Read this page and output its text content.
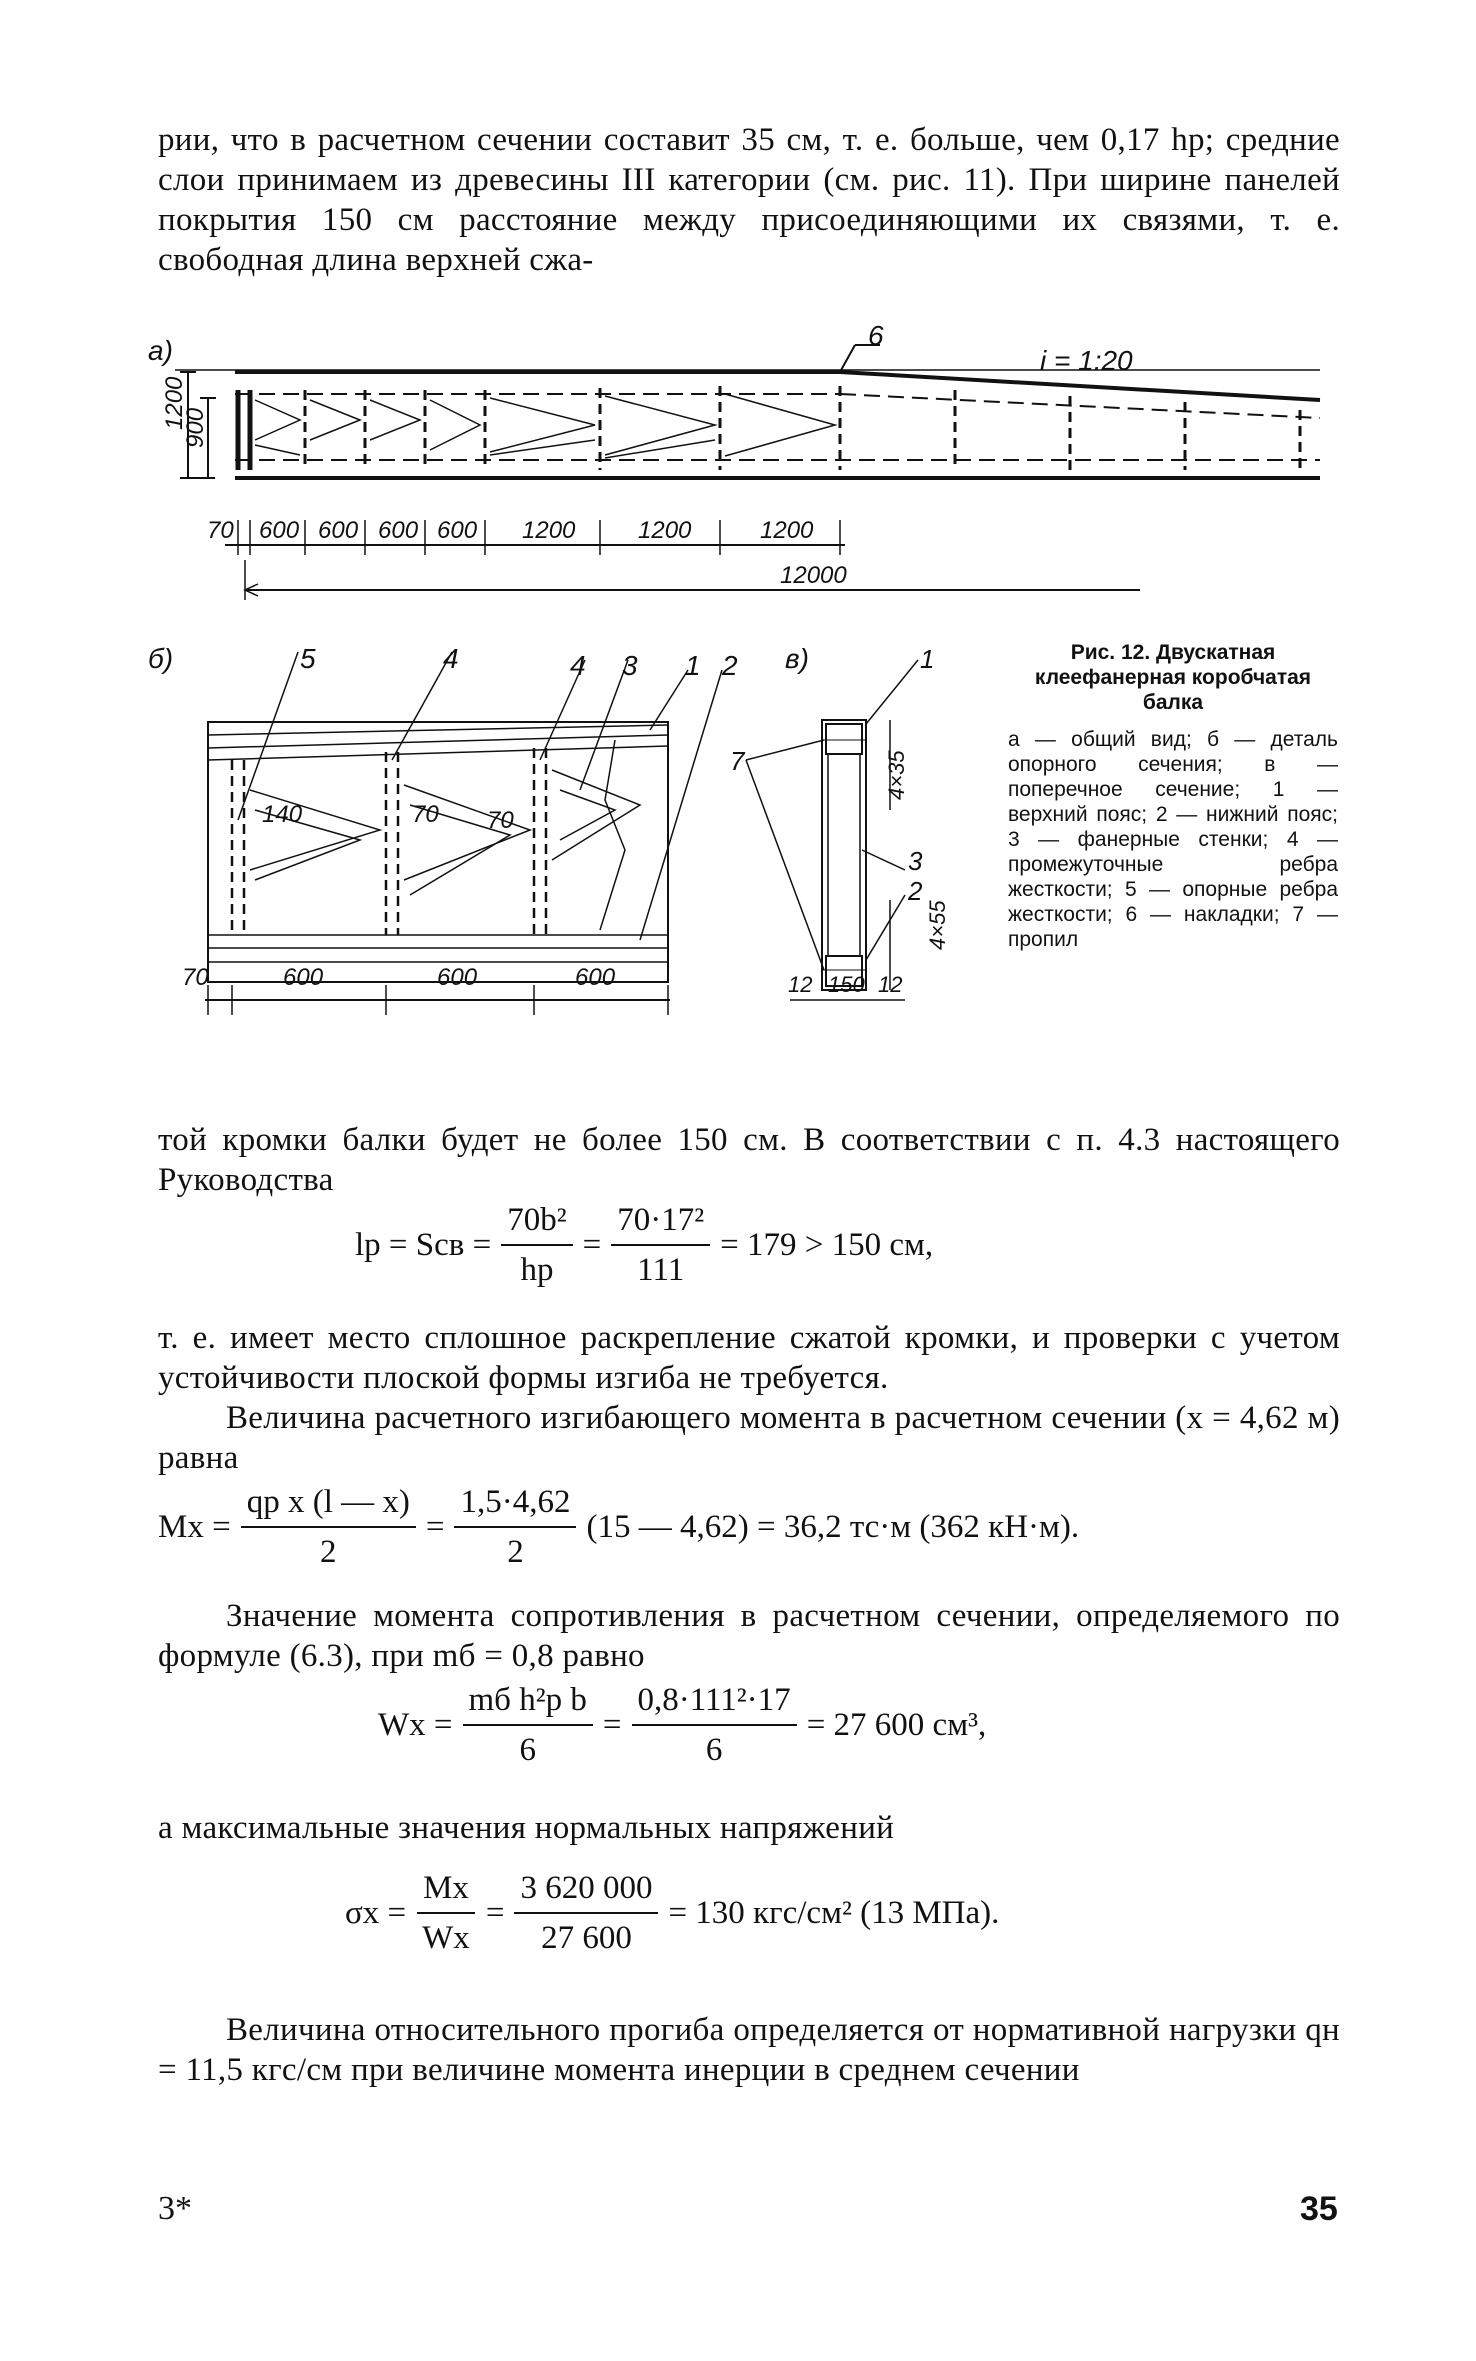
рии, что в расчетном сечении составит 35 см, т. е. больше, чем 0,17 hр; средние слои принимаем из древесины III категории (см. рис. 11). При ширине панелей покрытия 150 см расстояние между присоединяющими их связями, т. е. свободная длина верхней сжа-
а)
1200
900
i = 1:20
6
70 600 600 600 600 1200	1200	1200
12000
б)	5	4	4 3 1 2
140	70 70
70	600	600	600
в)	1
7
3
2
4×35
4×55
12 150 12
Рис. 12. Двускатная клеефанерная коробчатая балка
а — общий вид; б — деталь опорного сечения; в — поперечное сечение; 1 — верхний пояс; 2 — нижний пояс; 3 — фанерные стенки; 4 — промежуточные ребра жесткости; 5 — опорные ребра жесткости; 6 — накладки; 7 — пропил
той кромки балки будет не более 150 см. В соответствии с п. 4.3 настоящего Руководства
lр = Sсв = $\frac{\text{70b²}}{hр} = \frac{\text{70·17²}}{111} = 179 > 150$ см,
т. е. имеет место сплошное раскрепление сжатой кромки, и проверки с учетом устойчивости плоской формы изгиба не требуется.
Величина расчетного изгибающего момента в расчетном сечении (x = 4,62 м) равна
$Mx = \frac{\text{qр x (l — x)}}{2} = \frac{1,5\cdot 4,62}{2} (15$ — 4,62) = 36,2 тс·м (362 кН·м).
Значение момента сопротивления в расчетном сечении, определяемого по формуле (6.3), при mб = 0,8 равно
$Wx = \frac{\text{mб h²р b}}{6} = \frac{\text{0,8·111²·17}}{6} = 27$ 600 см³,
а максимальные значения нормальных напряжений
$\sigma x = \frac{Mx}{Wx} = \frac{3 620 000}{27 600} = 130$ кгс/см² (13 МПа).
Величина относительного прогиба определяется от нормативной нагрузки qн = 11,5 кгс/см при величине момента инерции в среднем сечении
3*	35
